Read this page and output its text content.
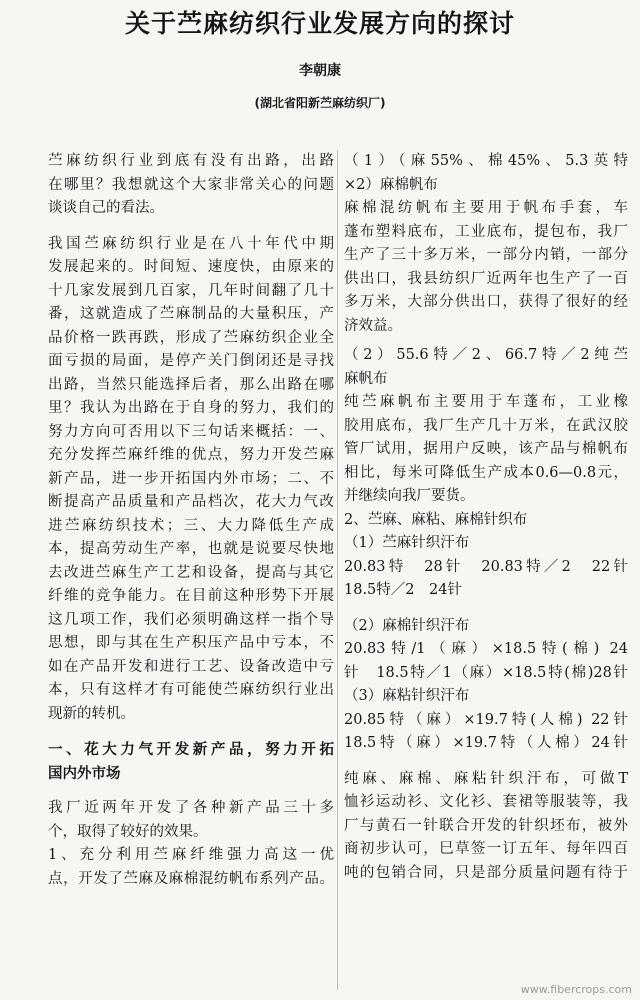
关于苎麻纺织行业发展方向的探讨
李朝康
(湖北省阳新苎麻纺织厂)
苎麻纺织行业到底有没有出路，出路
在哪里？我想就这个大家非常关心的问题
谈谈自己的看法。
我国苎麻纺织行业是在八十年代中期
发展起来的。时间短、速度快，由原来的
十几家发展到几百家，几年时间翻了几十
番，这就造成了苎麻制品的大量积压，产
品价格一跌再跌，形成了苎麻纺织企业全
面亏损的局面，是停产关门倒闭还是寻找
出路，当然只能选择后者，那么出路在哪
里？我认为出路在于自身的努力，我们的
努力方向可否用以下三句话来概括：一、
充分发挥苎麻纤维的优点，努力开发苎麻
新产品，进一步开拓国内外市场；二、不
断提高产品质量和产品档次，花大力气改
进苎麻纺织技术；三、大力降低生产成
本，提高劳动生产率，也就是说要尽快地
去改进苎麻生产工艺和设备，提高与其它
纤维的竞争能力。在目前这种形势下开展
这几项工作，我们必须明确这样一指个导
思想，即与其在生产积压产品中亏本，不
如在产品开发和进行工艺、设备改造中亏
本，只有这样才有可能使苎麻纺织行业出
现新的转机。
一、花大力气开发新产品，努力开拓
国内外市场
我厂近两年开发了各种新产品三十多
个，取得了较好的效果。
1、充分利用苎麻纤维强力高这一优
点，开发了苎麻及麻棉混纺帆布系列产品。
（1）（麻55%、棉45%、5.3英特
×2）麻棉帆布
麻棉混纺帆布主要用于帆布手套，车
蓬布塑料底布，工业底布，提包布，我厂
生产了三十多万米，一部分内销，一部分
供出口，我县纺织厂近两年也生产了一百
多万米，大部分供出口，获得了很好的经
济效益。
（2）55.6特／2、66.7特／2纯苎
麻帆布
纯苎麻帆布主要用于车蓬布，工业橡
胶用底布，我厂生产几十万米，在武汉胶
管厂试用，据用户反映，该产品与棉帆布
相比，每米可降低生产成本0.6—0.8元，
并继续向我厂要货。
2、苎麻、麻粘、麻棉针织布
（1）苎麻针织汗布
20.83特　28针　20.83特／2　22针
18.5特／2　24针
（2）麻棉针织汗布
20.83特/1（麻）×18.5特(棉) 24
针　18.5特／1（麻）×18.5特(棉)28针
（3）麻粘针织汗布
20.85特（麻）×19.7特(人棉) 22针
18.5特（麻）×19.7特（人棉）24针
纯麻、麻棉、麻粘针织汗布，可做T
恤衫运动衫、文化衫、套裙等服装等，我
厂与黄石一针联合开发的针织坯布，被外
商初步认可，巳草签一订五年、每年四百
吨的包销合同，只是部分质量问题有待于
www.fibercrops.com
